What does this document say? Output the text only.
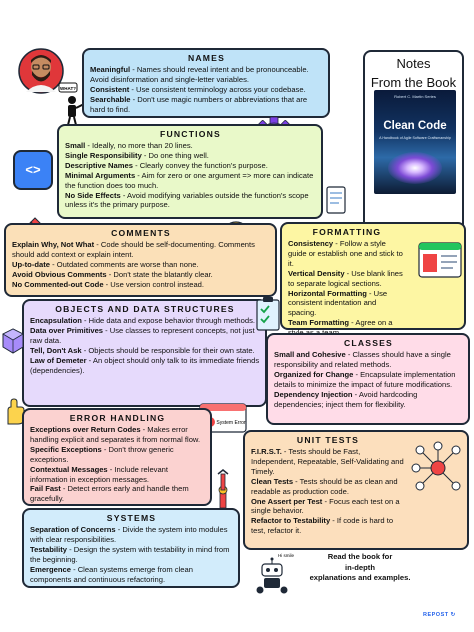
WHAT?
NAMES

Meaningful - Names should reveal intent and be pronounceable. Avoid disinformation and single-letter variables.

Consistent - Use consistent terminology across your codebase.

Searchable - Don't use magic numbers or abbreviations that are hard to find.

<>
FUNCTIONS

Small - Ideally, no more than 20 lines.

Single Responsibility - Do one thing well.

Descriptive Names - Clearly convey the function's purpose.

Minimal Arguments - Aim for zero or one argument => more can indicate the function does too much.

No Side Effects - Avoid modifying variables outside the function's scope unless it's the primary purpose.

Notes
From the Book
Robert C. Martin Series
Clean Code
A Handbook of Agile Software Craftsmanship
COMMENTS

Explain Why, Not What - Code should be self-documenting. Comments should add context or explain intent.

Up-to-date - Outdated comments are worse than none.

Avoid Obvious Comments - Don't state the blatantly clear.

No Commented-out Code - Use version control instead.

FORMATTING

Consistency - Follow a style guide or establish one and stick to it.

Vertical Density - Use blank lines to separate logical sections.

Horizontal Formatting - Use consistent indentation and spacing.

Team Formatting - Agree on a

OBJECTS AND DATA STRUCTURES

Encapsulation - Hide data and expose behavior through methods.

Data over Primitives - Use classes to represent concepts, not just raw data.

Tell, Don't Ask - Objects should be responsible for their own state.

Law of Demeter - An object should only talk to its immediate friends (dependencies).

CLASSES

Small and Cohesive - Classes should have a single responsibility and related methods.

Organized for Change - Encapsulate implementation details to minimize the impact of future modifications.

Dependency Injection - Avoid hardcoding dependencies; inject them for flexibility.

System Error
ERROR HANDLING

Exceptions over Return Codes - Makes error handling explicit and separates it from normal flow.

Specific Exceptions - Don't throw generic exceptions.

Contextual Messages - Include relevant information in exception messages.

Fail Fast - Detect errors early and handle them gracefully.

UNIT TESTS

F.I.R.S.T. - Tests should be Fast, Independent, Repeatable, Self-Validating and Timely.

Clean Tests - Tests should be as clean and readable as production code.

One Assert per Test - Focus each test on a single behavior.

Refactor to Testability - If code is hard to test, refactor it.

SYSTEMS

Separation of Concerns - Divide the system into modules with clear responsibilities.

Testability - Design the system with testability in mind from the beginning.

Emergence - Clean systems emerge from clean components and continuous refactoring.

Hi smile	Read the book for
in-depth
explanations and examples.
REPOST ↻
